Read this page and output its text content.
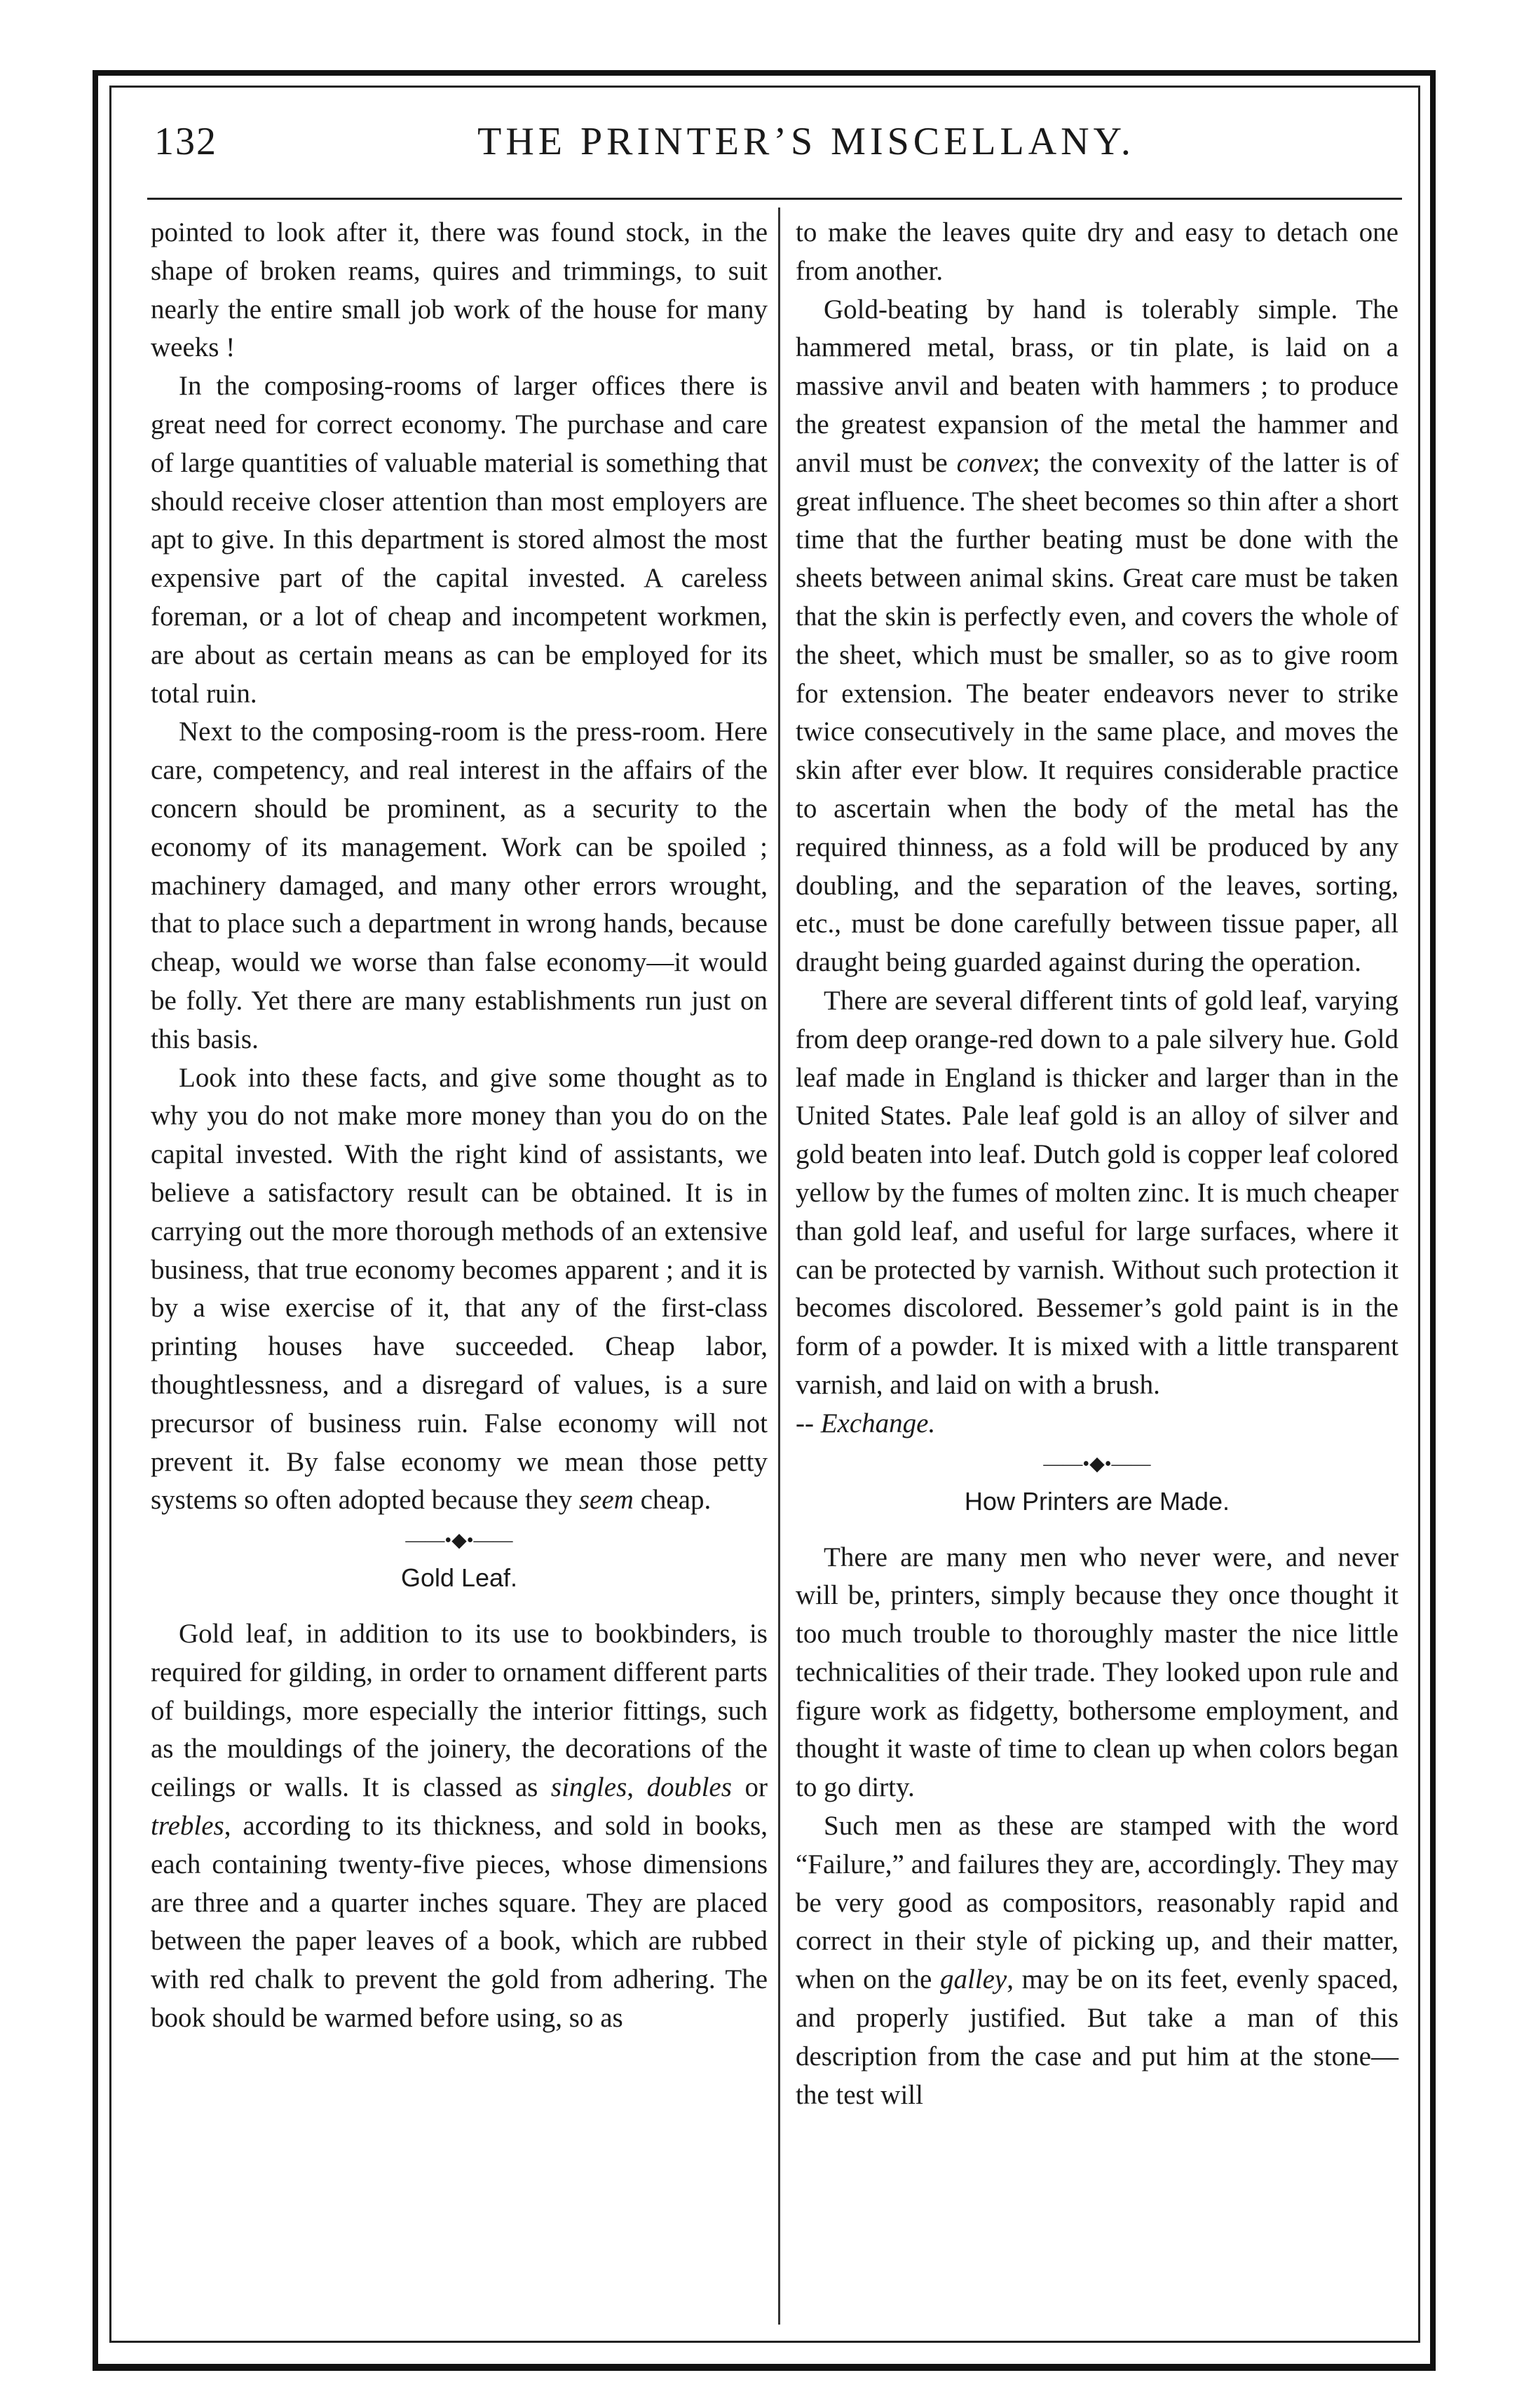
132	THE PRINTER’S MISCELLANY.

pointed to look after it, there was found stock, in the shape of broken reams, quires and trimmings, to suit nearly the entire small job work of the house for many weeks !

In the composing-rooms of larger offices there is great need for correct economy. The purchase and care of large quantities of valuable material is something that should receive closer attention than most employers are apt to give. In this department is stored almost the most expensive part of the capital invested. A careless foreman, or a lot of cheap and incompetent workmen, are about as certain means as can be employed for its total ruin.

Next to the composing-room is the press-room. Here care, competency, and real interest in the affairs of the concern should be prominent, as a security to the economy of its management. Work can be spoiled ; machinery damaged, and many other errors wrought, that to place such a department in wrong hands, because cheap, would we worse than false economy—it would be folly. Yet there are many establishments run just on this basis.

Look into these facts, and give some thought as to why you do not make more money than you do on the capital invested. With the right kind of assistants, we believe a satisfactory result can be obtained. It is in carrying out the more thorough methods of an extensive business, that true economy becomes apparent ; and it is by a wise exercise of it, that any of the first-class printing houses have succeeded. Cheap labor, thoughtlessness, and a disregard of values, is a sure precursor of business ruin. False economy will not prevent it. By false economy we mean those petty systems so often adopted because they seem cheap.

——•◆•——
Gold Leaf.

Gold leaf, in addition to its use to bookbinders, is required for gilding, in order to ornament different parts of buildings, more especially the interior fittings, such as the mouldings of the joinery, the decorations of the ceilings or walls. It is classed as singles, doubles or trebles, according to its thickness, and sold in books, each containing twenty-five pieces, whose dimensions are three and a quarter inches square. They are placed between the paper leaves of a book, which are rubbed with red chalk to prevent the gold from adhering. The book should be warmed before using, so as

to make the leaves quite dry and easy to detach one from another.

Gold-beating by hand is tolerably simple. The hammered metal, brass, or tin plate, is laid on a massive anvil and beaten with hammers ; to produce the greatest expansion of the metal the hammer and anvil must be convex; the convexity of the latter is of great influence. The sheet becomes so thin after a short time that the further beating must be done with the sheets between animal skins. Great care must be taken that the skin is perfectly even, and covers the whole of the sheet, which must be smaller, so as to give room for extension. The beater endeavors never to strike twice consecutively in the same place, and moves the skin after ever blow. It requires considerable practice to ascertain when the body of the metal has the required thinness, as a fold will be produced by any doubling, and the separation of the leaves, sorting, etc., must be done carefully between tissue paper, all draught being guarded against during the operation.

There are several different tints of gold leaf, varying from deep orange-red down to a pale silvery hue. Gold leaf made in England is thicker and larger than in the United States. Pale leaf gold is an alloy of silver and gold beaten into leaf. Dutch gold is copper leaf colored yellow by the fumes of molten zinc. It is much cheaper than gold leaf, and useful for large surfaces, where it can be protected by varnish. Without such protection it becomes discolored. Bessemer’s gold paint is in the form of a powder. It is mixed with a little transparent varnish, and laid on with a brush.

-- Exchange.

——•◆•——
How Printers are Made.

There are many men who never were, and never will be, printers, simply because they once thought it too much trouble to thoroughly master the nice little technicalities of their trade. They looked upon rule and figure work as fidgetty, bothersome employment, and thought it waste of time to clean up when colors began to go dirty.

Such men as these are stamped with the word “Failure,” and failures they are, accordingly. They may be very good as compositors, reasonably rapid and correct in their style of picking up, and their matter, when on the galley, may be on its feet, evenly spaced, and properly justified. But take a man of this description from the case and put him at the stone—the test will
